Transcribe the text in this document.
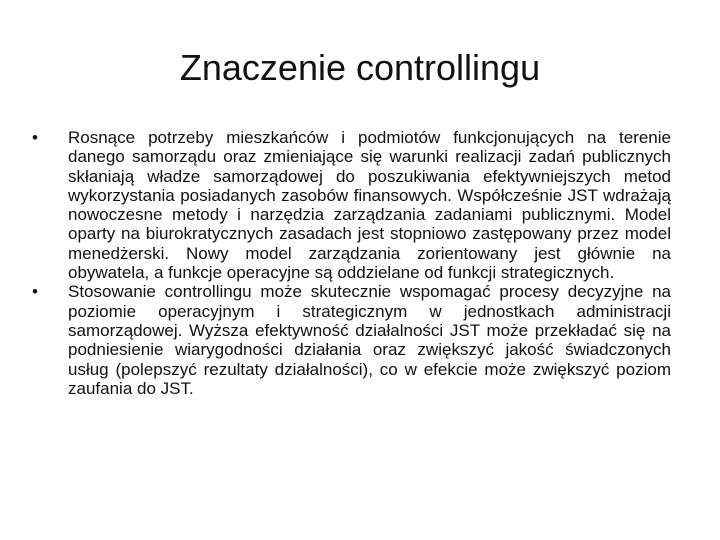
Znaczenie controllingu
• Rosnące potrzeby mieszkańców i podmiotów funkcjonujących na terenie danego samorządu oraz zmieniające się warunki realizacji zadań publicznych skłaniają władze samorządowej do poszukiwania efektywniejszych metod wykorzystania posiadanych zasobów finansowych. Współcześnie JST wdrażają nowoczesne metody i narzędzia zarządzania zadaniami publicznymi. Model oparty na biurokratycznych zasadach jest stopniowo zastępowany przez model menedżerski. Nowy model zarządzania zorientowany jest głównie na obywatela, a funkcje operacyjne są oddzielane od funkcji strategicznych.
• Stosowanie controllingu może skutecznie wspomagać procesy decyzyjne na poziomie operacyjnym i strategicznym w jednostkach administracji samorządowej. Wyższa efektywność działalności JST może przekładać się na podniesienie wiarygodności działania oraz zwiększyć jakość świadczonych usług (polepszyć rezultaty działalności), co w efekcie może zwiększyć poziom zaufania do JST.
